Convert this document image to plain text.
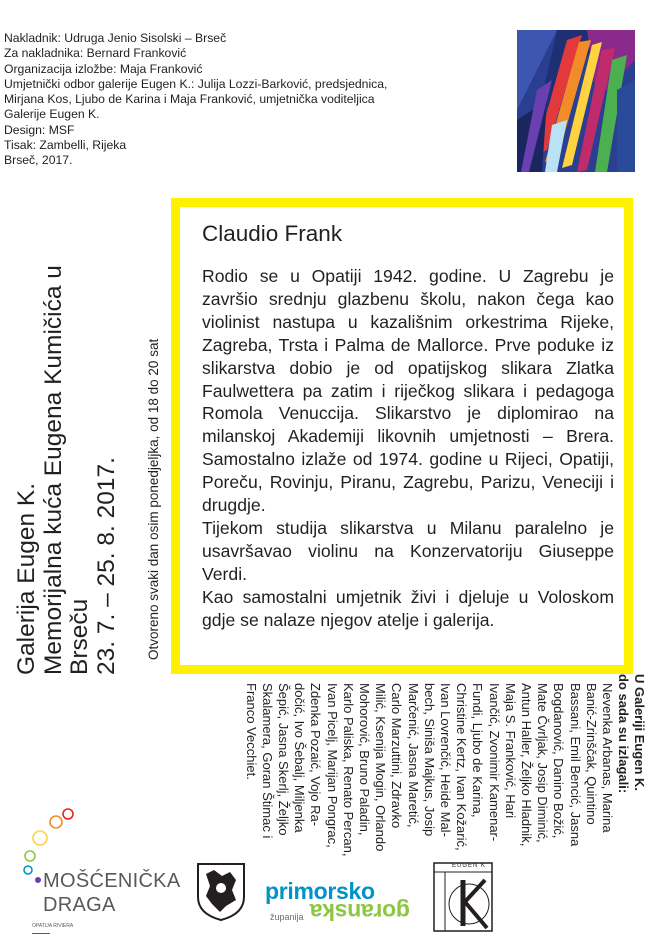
Nakladnik: Udruga Jenio Sisolski – Brseč
Za nakladnika: Bernard Franković
Organizacija izložbe: Maja Franković
Umjetnički odbor galerije Eugen K.: Julija Lozzi-Barković, predsjednica,
Mirjana Kos, Ljubo de Karina i Maja Franković, umjetnička voditeljica
Galerije Eugen K.
Design: MSF
Tisak: Zambelli, Rijeka
Brseč, 2017.
Claudio Frank

Rodio se u Opatiji 1942. godine. U Zagrebu je završio srednju glazbenu školu, nakon čega kao violinist nastupa u kazališnim orkestrima Rijeke, Zagreba, Trsta i Palma de Mallorce. Prve poduke iz slikarstva dobio je od opatijskog slikara Zlatka Faulwettera pa zatim i riječkog slikara i pedagoga Romola Venuccija. Slikarstvo je diplomirao na milanskoj Akademiji likovnih umjetnosti – Brera. Samostalno izlaže od 1974. godine u Rijeci, Opatiji, Poreču, Rovinju, Piranu, Zagrebu, Parizu, Veneciji i drugdje.

Tijekom studija slikarstva u Milanu paralelno je usavršavao violinu na Konzervatoriju Giuseppe Verdi.

Kao samostalni umjetnik živi i djeluje u Voloskom gdje se nalaze njegov atelje i galerija.

Galerija Eugen K. Memorijalna kuća Eugena Kumičića u Brseču 23. 7. – 25. 8. 2017. Otvoreno svaki dan osim ponedjeljka, od 18 do 20 sat
U Galeriji Eugen K.
do sada su izlagali:
Nevenka Arbanas, Marina
Banić-Zrinščak, Quintino
Bassani, Emil Bencić, Jasna
Bogdanović, Danino Božić,
Mate Čvrljak, Josip Diminić,
Antun Haller, Željko Hladnik,
Maja S. Franković, Hari
Ivančić, Zvonimir Kamenar-
Fundi, Ljubo de Karina,
Christine Kertz, Ivan Kožarić,
Ivan Lovrenčić, Heide Mal-
bech, Siniša Majkus, Josip
Marčenić, Jasna Maretić,
Carlo Marzuttini, Zdravko
Milić, Ksenija Mogin, Orlando
Mohorović, Bruno Paladin,
Karlo Paliska, Renato Percan,
Ivan Picelj, Marijan Pongrac,
Zdenka Pozaić, Vojo Ra-
dočić, Ivo Šebalj, Miljenka
Šepić, Jasna Skerlj, Željko
Skalamera, Goran Štimac i
Franco Vecchiet.
MOŠĆENIČKA
DRAGA
OPATIJA RIVIERA
primorsko
županija goranska
EUGEN K
